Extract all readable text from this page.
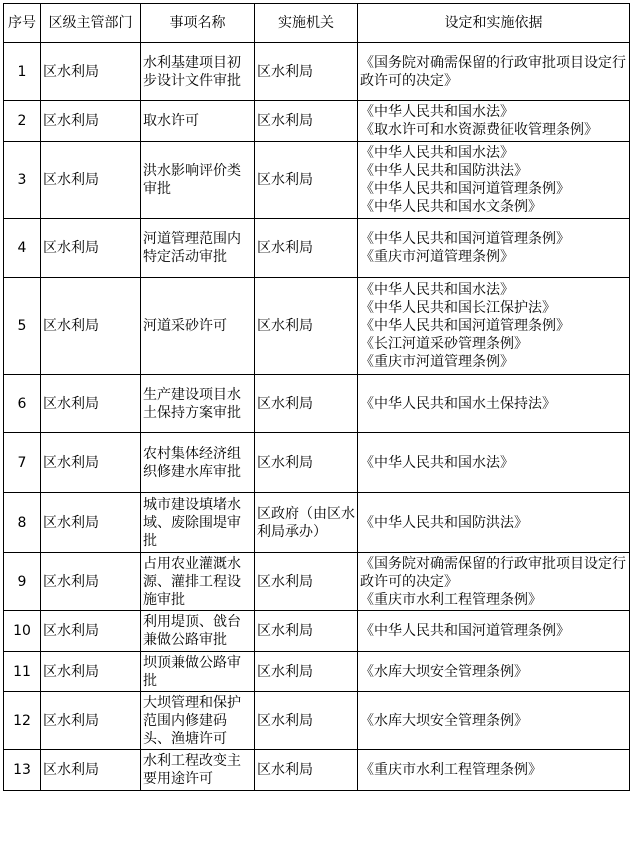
序号	区级主管部门	事项名称	实施机关	设定和实施依据
1	区水利局	水利基建项目初步设计文件审批	区水利局	《国务院对确需保留的行政审批项目设定行政许可的决定》
2	区水利局	取水许可	区水利局	《中华人民共和国水法》
《取水许可和水资源费征收管理条例》

3	区水利局	洪水影响评价类审批	区水利局	《中华人民共和国水法》
《中华人民共和国防洪法》
《中华人民共和国河道管理条例》
《中华人民共和国水文条例》

4	区水利局	河道管理范围内特定活动审批	区水利局	《中华人民共和国河道管理条例》
《重庆市河道管理条例》

5	区水利局	河道采砂许可	区水利局	《中华人民共和国水法》
《中华人民共和国长江保护法》
《中华人民共和国河道管理条例》
《长江河道采砂管理条例》
《重庆市河道管理条例》

6	区水利局	生产建设项目水土保持方案审批	区水利局	《中华人民共和国水土保持法》

7	区水利局	农村集体经济组织修建水库审批	区水利局	《中华人民共和国水法》

8	区水利局	城市建设填堵水域、废除围堤审批	区政府（由区水利局承办）	《中华人民共和国防洪法》

9	区水利局	占用农业灌溉水源、灌排工程设施审批	区水利局	《国务院对确需保留的行政审批项目设定行政许可的决定》
《重庆市水利工程管理条例》

10	区水利局	利用堤顶、戗台兼做公路审批	区水利局	《中华人民共和国河道管理条例》

11	区水利局	坝顶兼做公路审批	区水利局	《水库大坝安全管理条例》

12	区水利局	大坝管理和保护范围内修建码头、渔塘许可	区水利局	《水库大坝安全管理条例》

13	区水利局	水利工程改变主要用途许可	区水利局	《重庆市水利工程管理条例》
